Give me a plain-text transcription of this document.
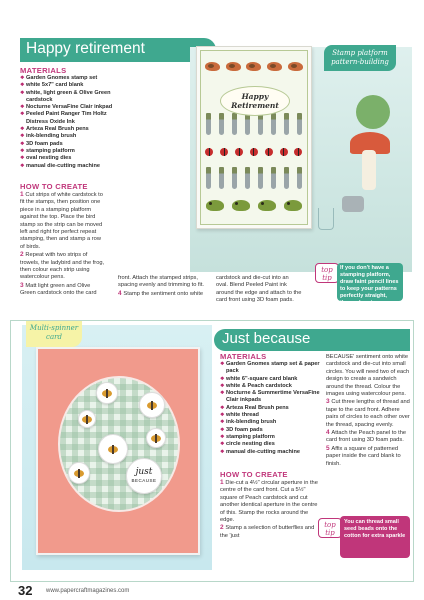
Happy retirement
MATERIALS
❖ Garden Gnomes stamp set
❖ white 5x7" card blank
❖ white, light green & Olive Green cardstock
❖ Nocturne VersaFine Clair inkpad
❖ Peeled Paint Ranger Tim Holtz Distress Oxide Ink
❖ Arteza Real Brush pens
❖ ink-blending brush
❖ 3D foam pads
❖ stamping platform
❖ oval nesting dies
❖ manual die-cutting machine
HOW TO CREATE

1 Cut strips of white cardstock to fit the stamps, then position one piece in a stamping platform against the top. Place the bird stamp so the strip can be moved left and right for perfect repeat stamping, then and stamp a row of birds.

2 Repeat with two strips of trowels, the ladybird and the frog, then colour each strip using watercolour pens.

3 Matt light green and Olive Green cardstock onto the card

front. Attach the stamped strips, spacing evenly and trimming to fit.

4 Stamp the sentiment onto white

cardstock and die-cut into an oval. Blend Peeled Paint ink around the edge and attach to the card front using 3D foam pads.
Happy
Retirement
Stamp platform pattern-building
top
tip
If you don't have a stamping platform, draw faint pencil lines to keep your patterns perfectly straight, then rub out
just
BECAUSE
Multi-spinner card	Just because
MATERIALS
❖ Garden Gnomes stamp set & paper pack
❖ white 6"-square card blank
❖ white & Peach cardstock
❖ Nocturne & Summertime VersaFine Clair inkpads
❖ Arteza Real Brush pens
❖ white thread
❖ ink-blending brush
❖ 3D foam pads
❖ stamping platform
❖ circle nesting dies
❖ manual die-cutting machine
HOW TO CREATE

1 Die-cut a 4½" circular aperture in the centre of the card front. Cut a 5½" square of Peach cardstock and cut another identical aperture in the centre of this. Stamp the rocks around the edge.

2 Stamp a selection of butterflies and the 'just

BECAUSE' sentiment onto white cardstock and die-cut into small circles. You will need two of each design to create a sandwich around the thread. Colour the images using watercolour pens.

3 Cut three lengths of thread and tape to the card front. Adhere pairs of circles to each other over the thread, spacing evenly.

4 Attach the Peach panel to the card front using 3D foam pads.

5 Affix a square of patterned paper inside the card blank to finish.

top
tip
You can thread small seed beads onto the cotton for extra sparkle
32 www.papercraftmagazines.com
